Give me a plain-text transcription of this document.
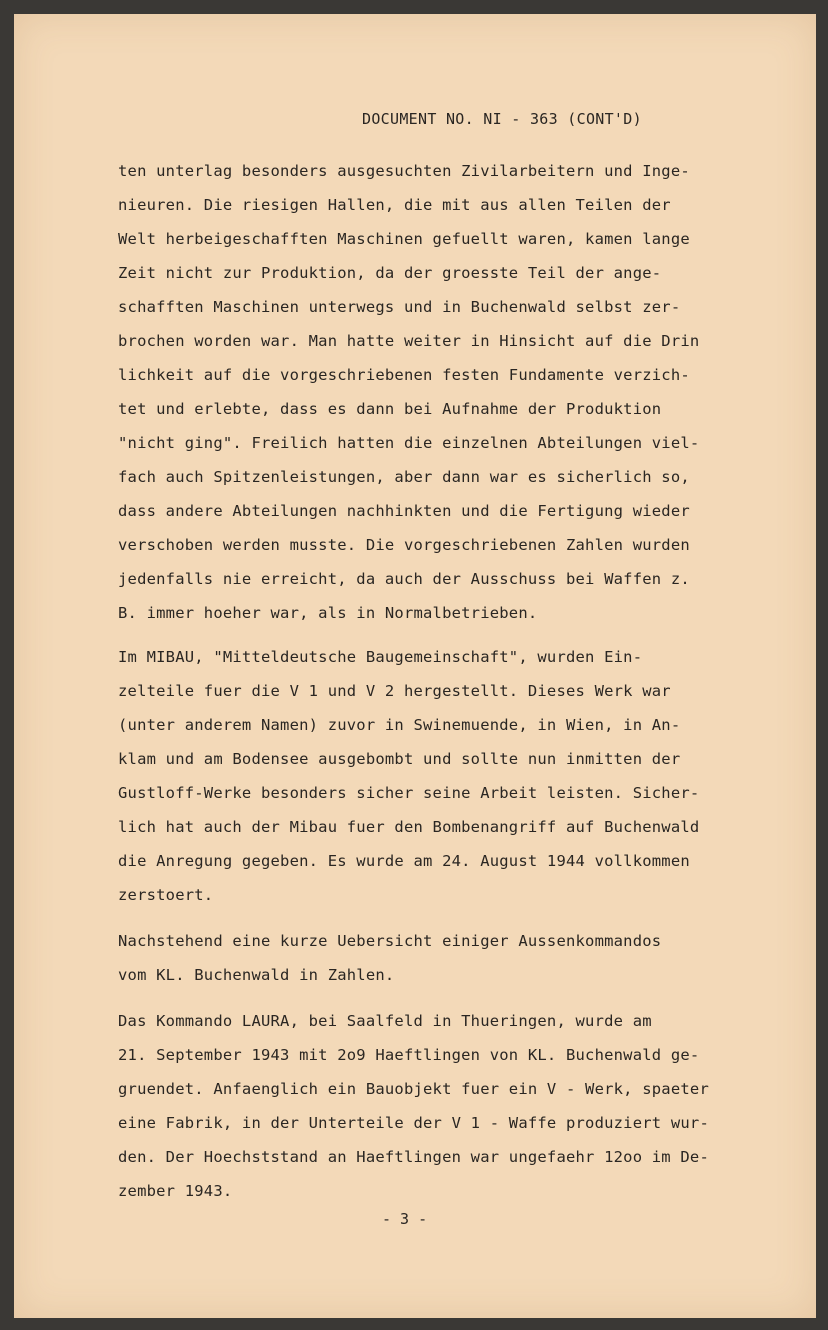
DOCUMENT NO. NI - 363 (CONT'D)
ten unterlag besonders ausgesuchten Zivilarbeitern und Inge-
nieuren. Die riesigen Hallen, die mit aus allen Teilen der
Welt herbeigeschafften Maschinen gefuellt waren, kamen lange
Zeit nicht zur Produktion, da der groesste Teil der ange-
schafften Maschinen unterwegs und in Buchenwald selbst zer-
brochen worden war. Man hatte weiter in Hinsicht auf die Drin
lichkeit auf die vorgeschriebenen festen Fundamente verzich-
tet und erlebte, dass es dann bei Aufnahme der Produktion
"nicht ging". Freilich hatten die einzelnen Abteilungen viel-
fach auch Spitzenleistungen, aber dann war es sicherlich so,
dass andere Abteilungen nachhinkten und die Fertigung wieder
verschoben werden musste. Die vorgeschriebenen Zahlen wurden
jedenfalls nie erreicht, da auch der Ausschuss bei Waffen z.
B. immer hoeher war, als in Normalbetrieben.
Im MIBAU, "Mitteldeutsche Baugemeinschaft", wurden Ein-
zelteile fuer die V 1 und V 2 hergestellt. Dieses Werk war
(unter anderem Namen) zuvor in Swinemuende, in Wien, in An-
klam und am Bodensee ausgebombt und sollte nun inmitten der
Gustloff-Werke besonders sicher seine Arbeit leisten. Sicher-
lich hat auch der Mibau fuer den Bombenangriff auf Buchenwald
die Anregung gegeben. Es wurde am 24. August 1944 vollkommen
zerstoert.
Nachstehend eine kurze Uebersicht einiger Aussenkommandos
vom KL. Buchenwald in Zahlen.
Das Kommando LAURA, bei Saalfeld in Thueringen, wurde am
21. September 1943 mit 2o9 Haeftlingen von KL. Buchenwald ge-
gruendet. Anfaenglich ein Bauobjekt fuer ein V - Werk, spaeter
eine Fabrik, in der Unterteile der V 1 - Waffe produziert wur-
den. Der Hoechststand an Haeftlingen war ungefaehr 12oo im De-
zember 1943.
- 3 -
